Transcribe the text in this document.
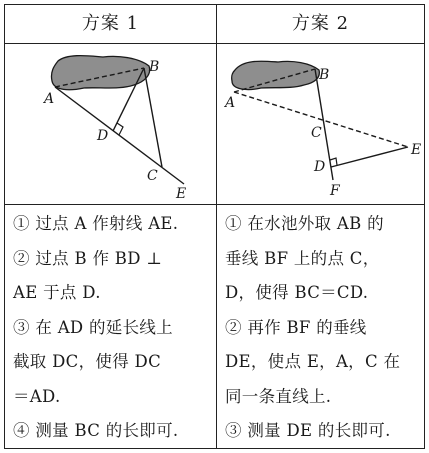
方案 1	方案 2
A
B
D
C
E
A
B
C
D
E
F
① 过点 A 作射线 AE.
② 过点 B 作 BD ⊥
AE 于点 D.
③ 在 AD 的延长线上
截取 DC，使得 DC
＝AD.
④ 测量 BC 的长即可.
① 在水池外取 AB 的
垂线 BF 上的点 C，
D，使得 BC＝CD.
② 再作 BF 的垂线
DE，使点 E，A，C 在
同一条直线上.
③ 测量 DE 的长即可.
